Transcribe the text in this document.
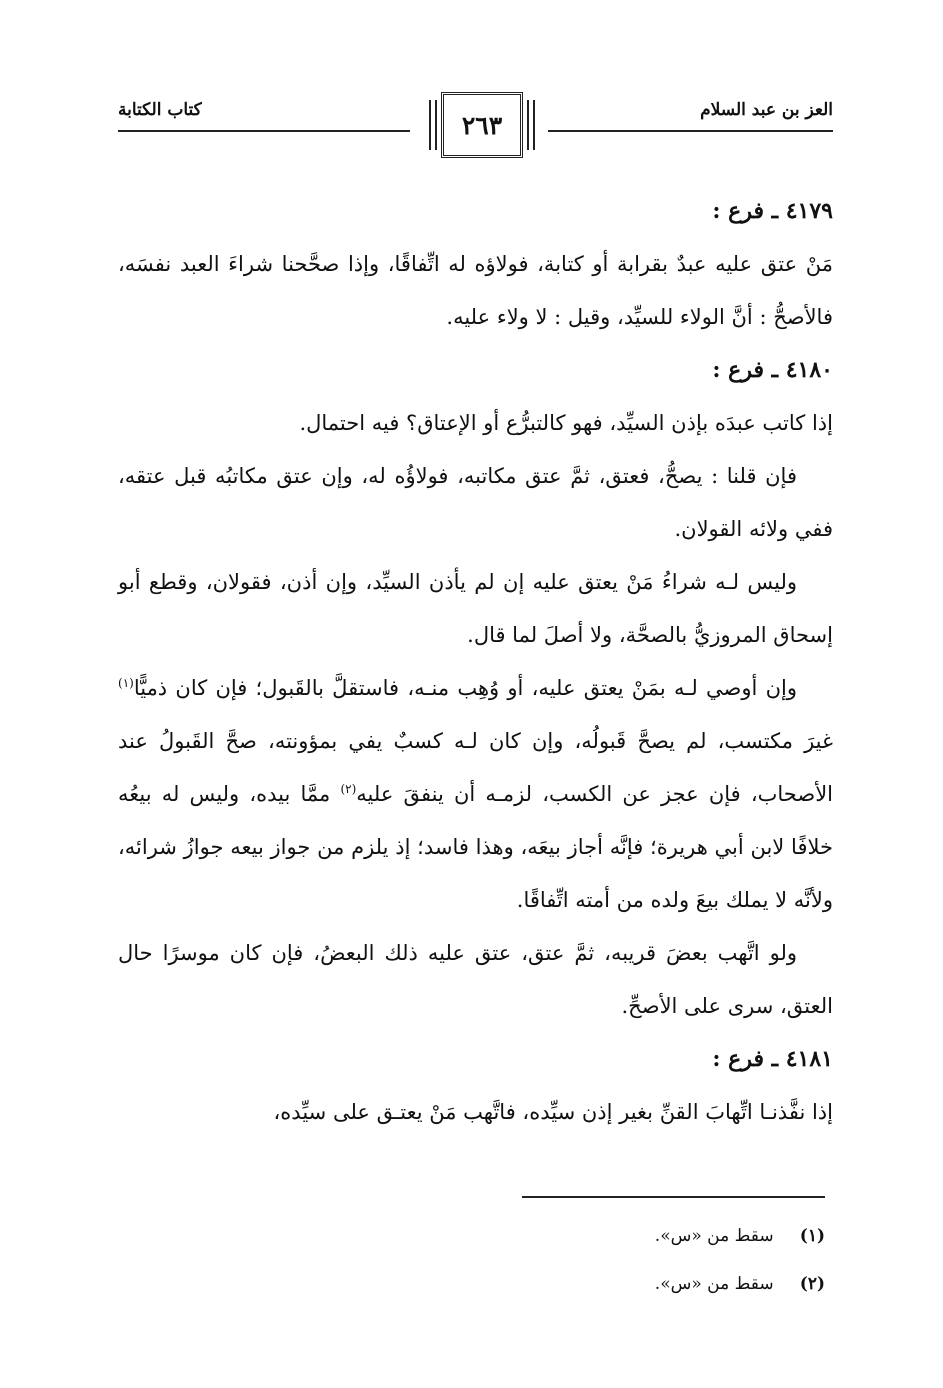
العز بن عبد السلام
٢٦٣
كتاب الكتابة

٤١٧٩ ـ فرع :

مَنْ عتق عليه عبدٌ بقرابة أو كتابة، فولاؤه له اتِّفاقًا، وإذا صحَّحنا شراءَ العبد نفسَه، فالأصحُّ : أنَّ الولاء للسيِّد، وقيل : لا ولاء عليه.

٤١٨٠ ـ فرع :

إذا كاتب عبدَه بإذن السيِّد، فهو كالتبرُّع أو الإعتاق؟ فيه احتمال.

فإن قلنا : يصحُّ، فعتق، ثمَّ عتق مكاتبه، فولاؤُه له، وإن عتق مكاتبُه قبل عتقه، ففي ولائه القولان.

وليس لـه شراءُ مَنْ يعتق عليه إن لم يأذن السيِّد، وإن أذن، فقولان، وقطع أبو إسحاق المروزيُّ بالصحَّة، ولا أصلَ لما قال.

وإن أوصي لـه بمَنْ يعتق عليه، أو وُهِب منـه، فاستقلَّ بالقَبول؛ فإن كان ذميًّا$^{(١)}$ غيرَ مكتسب، لم يصحَّ قَبولُه، وإن كان لـه كسبٌ يفي بمؤونته، صحَّ القَبولُ عند الأصحاب، فإن عجز عن الكسب، لزمـه أن ينفقَ عليه$^{(٢)}$ ممَّا بيده، وليس له بيعُه خلافًا لابن أبي هريرة؛ فإنَّه أجاز بيعَه، وهذا فاسد؛ إذ يلزم من جواز بيعه جوازُ شرائه، ولأنَّه لا يملك بيعَ ولده من أمته اتِّفاقًا.

ولو اتَّهب بعضَ قريبه، ثمَّ عتق، عتق عليه ذلك البعضُ، فإن كان موسرًا حال العتق، سرى على الأصحِّ.

٤١٨١ ـ فرع :

إذا نفَّذنـا اتِّهابَ القنِّ بغير إذن سيِّده، فاتَّهب مَنْ يعتـق على سيِّده،

(١) سقط من «س».

(٢) سقط من «س».
